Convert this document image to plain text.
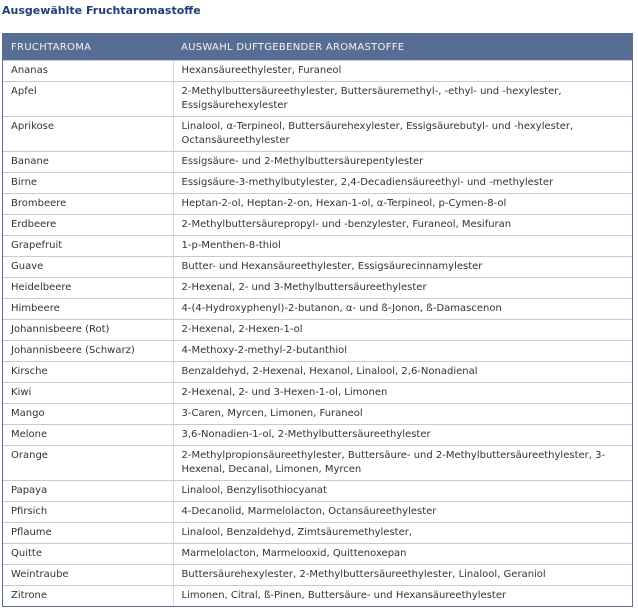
Ausgewählte Fruchtaromastoffe
FRUCHTAROMA	AUSWAHL DUFTGEBENDER AROMASTOFFE
Ananas	Hexansäureethylester, Furaneol
Apfel	2-Methylbuttersäureethylester, Buttersäuremethyl-, -ethyl- und -hexylester, Essigsäurehexylester
Aprikose	Linalool, α-Terpineol, Buttersäurehexylester, Essigsäurebutyl- und -hexylester, Octansäureethylester
Banane	Essigsäure- und 2-Methylbuttersäurepentylester
Birne	Essigsäure-3-methylbutylester, 2,4-Decadiensäureethyl- und -methylester
Brombeere	Heptan-2-ol, Heptan-2-on, Hexan-1-ol, α-Terpineol, p-Cymen-8-ol
Erdbeere	2-Methylbuttersäurepropyl- und -benzylester, Furaneol, Mesifuran
Grapefruit	1-p-Menthen-8-thiol
Guave	Butter- und Hexansäureethylester, Essigsäurecinnamylester
Heidelbeere	2-Hexenal, 2- und 3-Methylbuttersäureethylester
Himbeere	4-(4-Hydroxyphenyl)-2-butanon, α- und ß-Jonon, ß-Damascenon
Johannisbeere (Rot)	2-Hexenal, 2-Hexen-1-ol
Johannisbeere (Schwarz)	4-Methoxy-2-methyl-2-butanthiol
Kirsche	Benzaldehyd, 2-Hexenal, Hexanol, Linalool, 2,6-Nonadienal
Kiwi	2-Hexenal, 2- und 3-Hexen-1-ol, Limonen
Mango	3-Caren, Myrcen, Limonen, Furaneol
Melone	3,6-Nonadien-1-ol, 2-Methylbuttersäureethylester
Orange	2-Methylpropionsäureethylester, Buttersäure- und 2-Methylbuttersäureethylester, 3-Hexenal, Decanal, Limonen, Myrcen
Papaya	Linalool, Benzylisothiocyanat
Pfirsich	4-Decanolid, Marmelolacton, Octansäureethylester
Pflaume	Linalool, Benzaldehyd, Zimtsäuremethylester,
Quitte	Marmelolacton, Marmelooxid, Quittenoxepan
Weintraube	Buttersäurehexylester, 2-Methylbuttersäureethylester, Linalool, Geraniol
Zitrone	Limonen, Citral, ß-Pinen, Buttersäure- und Hexansäureethylester
